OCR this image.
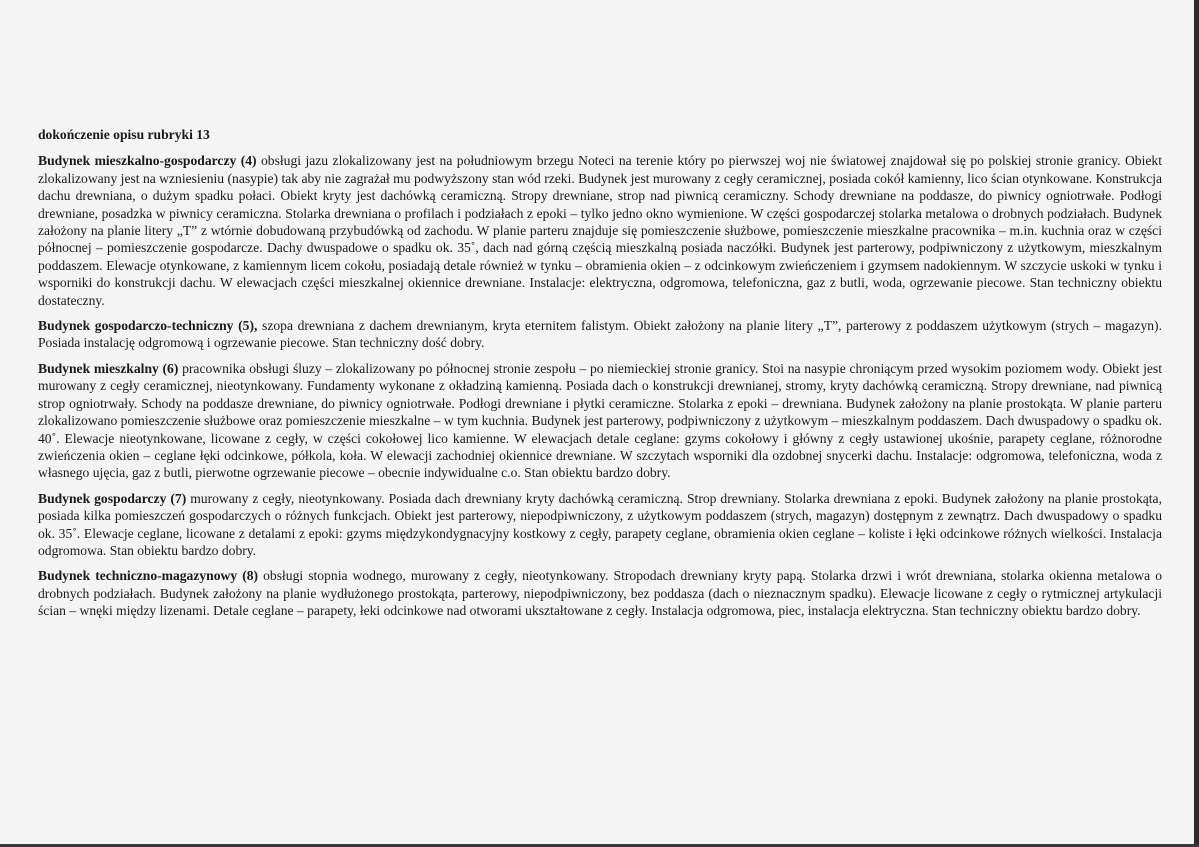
dokończenie opisu rubryki 13

Budynek mieszkalno-gospodarczy (4) obsługi jazu zlokalizowany jest na południowym brzegu Noteci na terenie który po pierwszej woj nie światowej znajdował się po polskiej stronie granicy. Obiekt zlokalizowany jest na wzniesieniu (nasypie) tak aby nie zagrażał mu podwyższony stan wód rzeki. Budynek jest murowany z cegły ceramicznej, posiada cokół kamienny, lico ścian otynkowane. Konstrukcja dachu drewniana, o dużym spadku połaci. Obiekt kryty jest dachówką ceramiczną. Stropy drewniane, strop nad piwnicą ceramiczny. Schody drewniane na poddasze, do piwnicy ogniotrwałe. Podłogi drewniane, posadzka w piwnicy ceramiczna. Stolarka drewniana o profilach i podziałach z epoki – tylko jedno okno wymienione. W części gospodarczej stolarka metalowa o drobnych podziałach. Budynek założony na planie litery „T” z wtórnie dobudowaną przybudówką od zachodu. W planie parteru znajduje się pomieszczenie służbowe, pomieszczenie mieszkalne pracownika – m.in. kuchnia oraz w części północnej – pomieszczenie gospodarcze. Dachy dwuspadowe o spadku ok. 35˚, dach nad górną częścią mieszkalną posiada naczółki. Budynek jest parterowy, podpiwniczony z użytkowym, mieszkalnym poddaszem. Elewacje otynkowane, z kamiennym licem cokołu, posiadają detale również w tynku – obramienia okien – z odcinkowym zwieńczeniem i gzymsem nadokiennym. W szczycie uskoki w tynku i wsporniki do konstrukcji dachu. W elewacjach części mieszkalnej okiennice drewniane. Instalacje: elektryczna, odgromowa, telefoniczna, gaz z butli, woda, ogrzewanie piecowe. Stan techniczny obiektu dostateczny.

Budynek gospodarczo-techniczny (5), szopa drewniana z dachem drewnianym, kryta eternitem falistym. Obiekt założony na planie litery „T”, parterowy z poddaszem użytkowym (strych – magazyn). Posiada instalację odgromową i ogrzewanie piecowe. Stan techniczny dość dobry.

Budynek mieszkalny (6) pracownika obsługi śluzy – zlokalizowany po północnej stronie zespołu – po niemieckiej stronie granicy. Stoi na nasypie chroniącym przed wysokim poziomem wody. Obiekt jest murowany z cegły ceramicznej, nieotynkowany. Fundamenty wykonane z okładziną kamienną. Posiada dach o konstrukcji drewnianej, stromy, kryty dachówką ceramiczną. Stropy drewniane, nad piwnicą strop ogniotrwały. Schody na poddasze drewniane, do piwnicy ogniotrwałe. Podłogi drewniane i płytki ceramiczne. Stolarka z epoki – drewniana. Budynek założony na planie prostokąta. W planie parteru zlokalizowano pomieszczenie służbowe oraz pomieszczenie mieszkalne – w tym kuchnia. Budynek jest parterowy, podpiwniczony z użytkowym – mieszkalnym poddaszem. Dach dwuspadowy o spadku ok. 40˚. Elewacje nieotynkowane, licowane z cegły, w części cokołowej lico kamienne. W elewacjach detale ceglane: gzyms cokołowy i główny z cegły ustawionej ukośnie, parapety ceglane, różnorodne zwieńczenia okien – ceglane łęki odcinkowe, półkola, koła. W elewacji zachodniej okiennice drewniane. W szczytach wsporniki dla ozdobnej snycerki dachu. Instalacje: odgromowa, telefoniczna, woda z własnego ujęcia, gaz z butli, pierwotne ogrzewanie piecowe – obecnie indywidualne c.o. Stan obiektu bardzo dobry.

Budynek gospodarczy (7) murowany z cegły, nieotynkowany. Posiada dach drewniany kryty dachówką ceramiczną. Strop drewniany. Stolarka drewniana z epoki. Budynek założony na planie prostokąta, posiada kilka pomieszczeń gospodarczych o różnych funkcjach. Obiekt jest parterowy, niepodpiwniczony, z użytkowym poddaszem (strych, magazyn) dostępnym z zewnątrz. Dach dwuspadowy o spadku ok. 35˚. Elewacje ceglane, licowane z detalami z epoki: gzyms międzykondygnacyjny kostkowy z cegły, parapety ceglane, obramienia okien ceglane – koliste i łęki odcinkowe różnych wielkości. Instalacja odgromowa. Stan obiektu bardzo dobry.

Budynek techniczno-magazynowy (8) obsługi stopnia wodnego, murowany z cegły, nieotynkowany. Stropodach drewniany kryty papą. Stolarka drzwi i wrót drewniana, stolarka okienna metalowa o drobnych podziałach. Budynek założony na planie wydłużonego prostokąta, parterowy, niepodpiwniczony, bez poddasza (dach o nieznacznym spadku). Elewacje licowane z cegły o rytmicznej artykulacji ścian – wnęki między lizenami. Detale ceglane – parapety, łeki odcinkowe nad otworami ukształtowane z cegły. Instalacja odgromowa, piec, instalacja elektryczna. Stan techniczny obiektu bardzo dobry.
